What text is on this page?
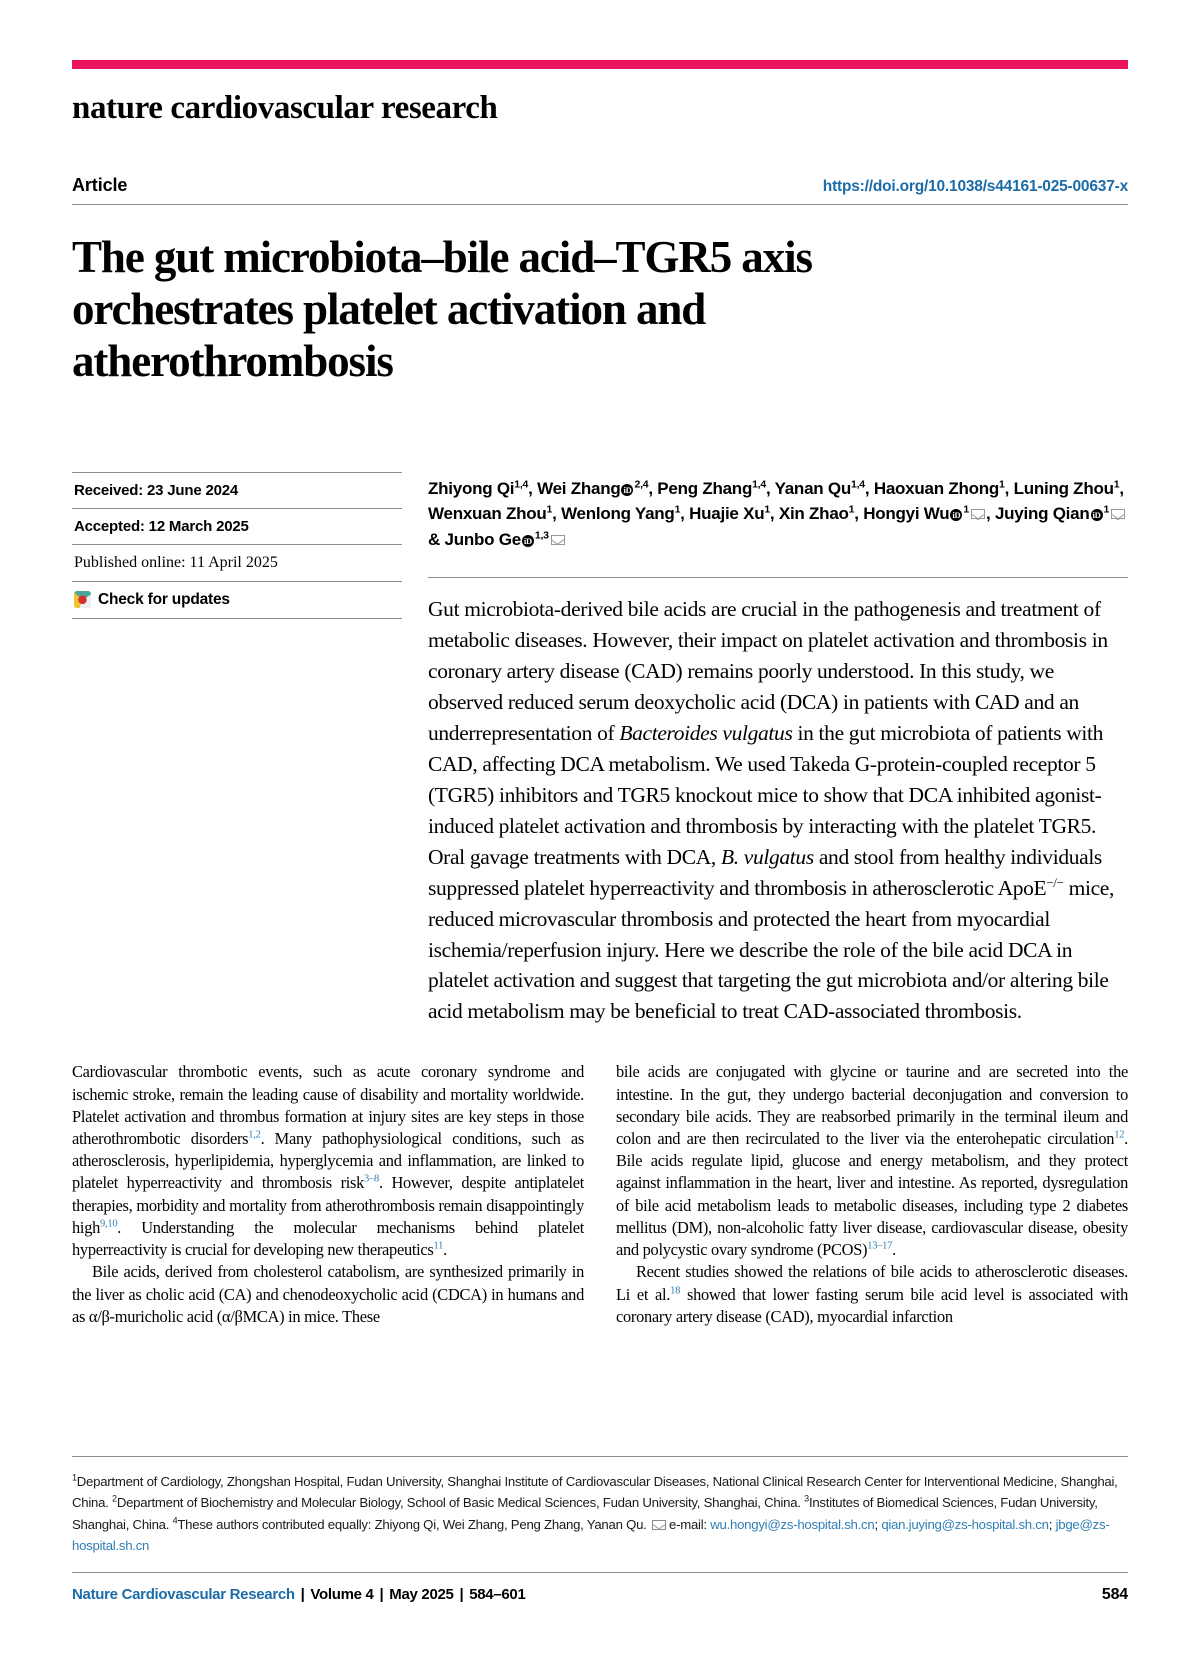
nature cardiovascular research
Article	https://doi.org/10.1038/s44161-025-00637-x
The gut microbiota–bile acid–TGR5 axis orchestrates platelet activation and atherothrombosis
Received: 23 June 2024
Accepted: 12 March 2025
Published online: 11 April 2025
Check for updates
Zhiyong Qi$^{1,4}$, Wei Zhang iD $^{2,4}$, Peng Zhang$^{1,4}$, Yanan Qu$^{1,4}$, Haoxuan Zhong$^1$, Luning Zhou$^1$, Wenxuan Zhou$^1$, Wenlong Yang$^1$, Huajie Xu$^1$, Xin Zhao$^1$, Hongyi Wu iD $^1$ , Juying Qian iD $^1$ & Junbo Ge iD $^{1,3}$
Gut microbiota-derived bile acids are crucial in the pathogenesis and treatment of metabolic diseases. However, their impact on platelet activation and thrombosis in coronary artery disease (CAD) remains poorly understood. In this study, we observed reduced serum deoxycholic acid (DCA) in patients with CAD and an underrepresentation of Bacteroides vulgatus in the gut microbiota of patients with CAD, affecting DCA metabolism. We used Takeda G-protein-coupled receptor 5 (TGR5) inhibitors and TGR5 knockout mice to show that DCA inhibited agonist-induced platelet activation and thrombosis by interacting with the platelet TGR5. Oral gavage treatments with DCA, B. vulgatus and stool from healthy individuals suppressed platelet hyperreactivity and thrombosis in atherosclerotic ApoE−/− mice, reduced microvascular thrombosis and protected the heart from myocardial ischemia/reperfusion injury. Here we describe the role of the bile acid DCA in platelet activation and suggest that targeting the gut microbiota and/or altering bile acid metabolism may be beneficial to treat CAD-associated thrombosis.

Cardiovascular thrombotic events, such as acute coronary syndrome and ischemic stroke, remain the leading cause of disability and mortality worldwide. Platelet activation and thrombus formation at injury sites are key steps in those atherothrombotic disorders$^{1,2}$. Many pathophysiological conditions, such as atherosclerosis, hyperlipidemia, hyperglycemia and inflammation, are linked to platelet hyperreactivity and thrombosis risk$^{3-8}$. However, despite antiplatelet therapies, morbidity and mortality from atherothrombosis remain disappointingly high$^{9,10}$. Understanding the molecular mechanisms behind platelet hyperreactivity is crucial for developing new therapeutics$^{11}$.

Bile acids, derived from cholesterol catabolism, are synthesized primarily in the liver as cholic acid (CA) and chenodeoxycholic acid (CDCA) in humans and as α/β-muricholic acid (α/βMCA) in mice. These

bile acids are conjugated with glycine or taurine and are secreted into the intestine. In the gut, they undergo bacterial deconjugation and conversion to secondary bile acids. They are reabsorbed primarily in the terminal ileum and colon and are then recirculated to the liver via the enterohepatic circulation$^{12}$. Bile acids regulate lipid, glucose and energy metabolism, and they protect against inflammation in the heart, liver and intestine. As reported, dysregulation of bile acid metabolism leads to metabolic diseases, including type 2 diabetes mellitus (DM), non-alcoholic fatty liver disease, cardiovascular disease, obesity and polycystic ovary syndrome (PCOS)$^{13-17}$.

Recent studies showed the relations of bile acids to atherosclerotic diseases. Li et al.$^{18}$ showed that lower fasting serum bile acid level is associated with coronary artery disease (CAD), myocardial infarction

$^1$Department of Cardiology, Zhongshan Hospital, Fudan University, Shanghai Institute of Cardiovascular Diseases, National Clinical Research Center for Interventional Medicine, Shanghai, China. $^2$Department of Biochemistry and Molecular Biology, School of Basic Medical Sciences, Fudan University, Shanghai, China. $^3$Institutes of Biomedical Sciences, Fudan University, Shanghai, China. $^4$These authors contributed equally: Zhiyong Qi, Wei Zhang, Peng Zhang, Yanan Qu. e-mail: wu.hongyi@zs-hospital.sh.cn; qian.juying@zs-hospital.sh.cn; jbge@zs-hospital.sh.cn
Nature Cardiovascular Research | Volume 4 | May 2025 | 584–601	584
